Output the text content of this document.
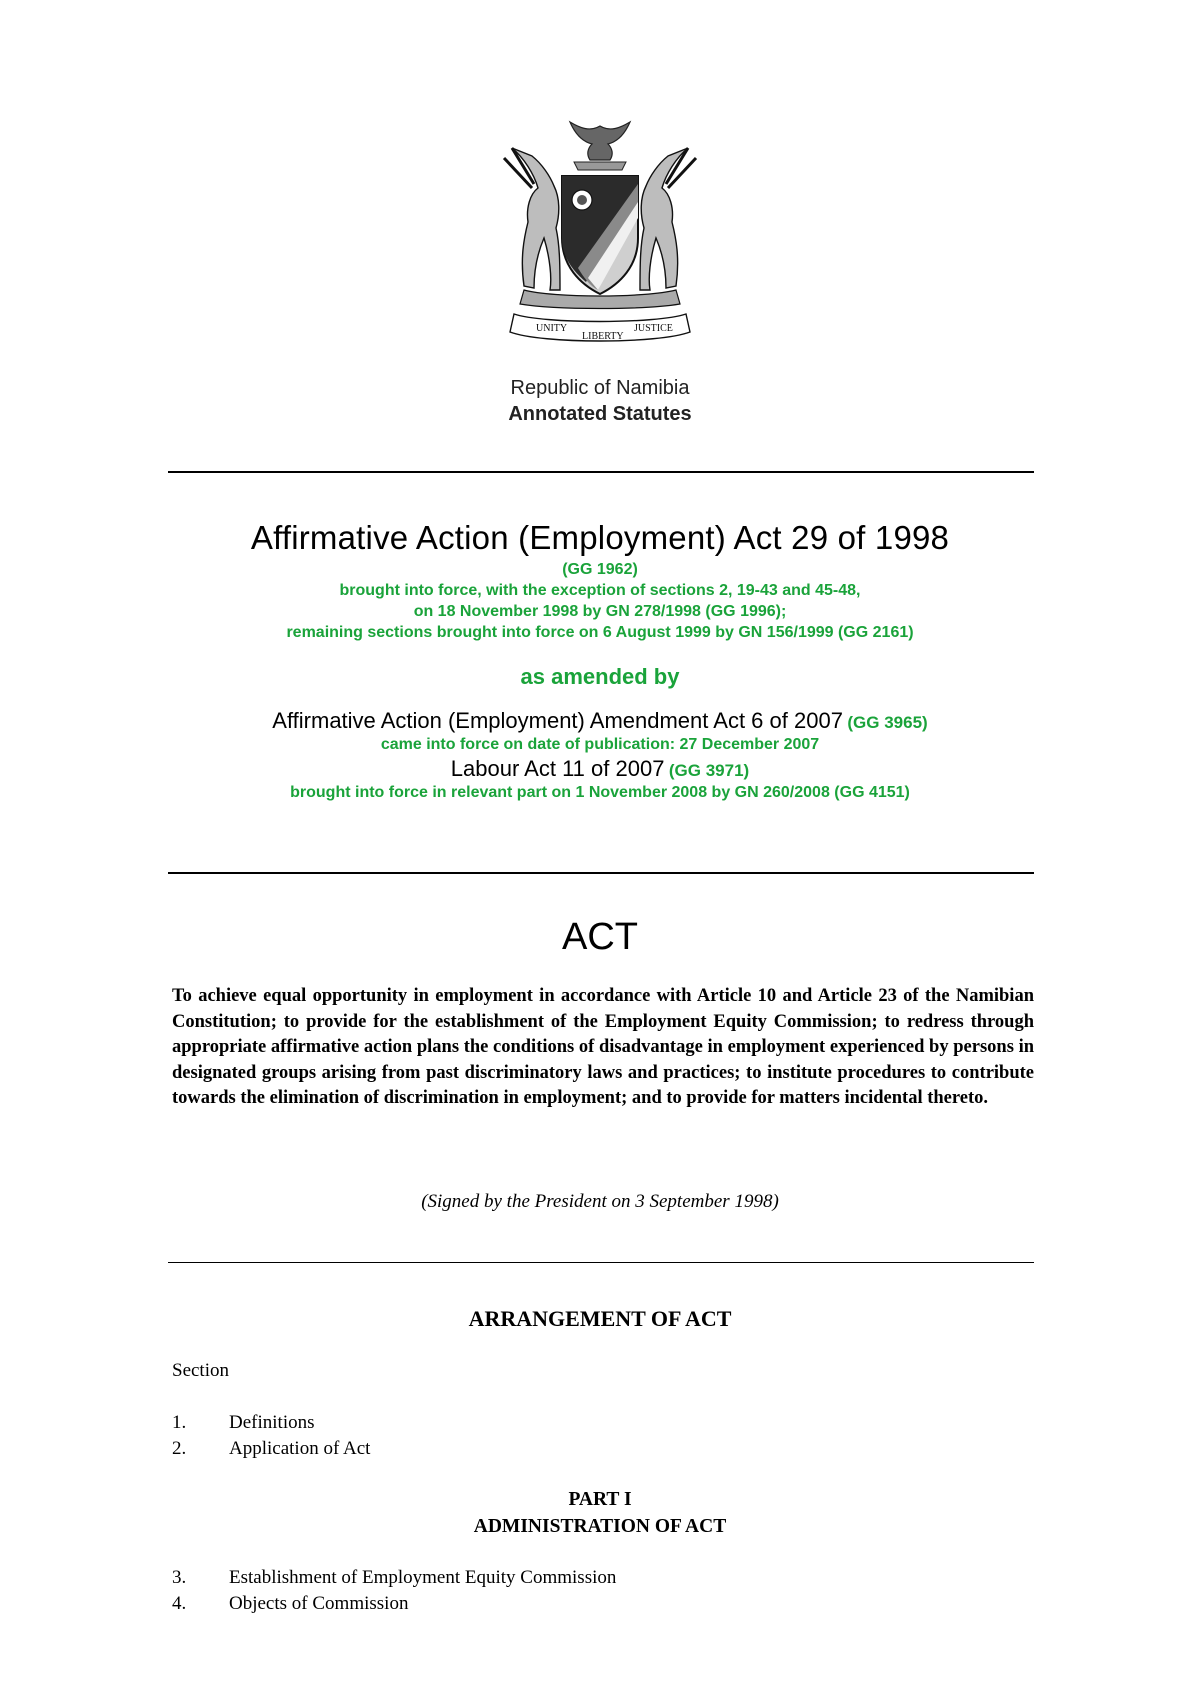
UNITY
LIBERTY
JUSTICE
Republic of Namibia
Annotated Statutes
Affirmative Action (Employment) Act 29 of 1998
(GG 1962)
brought into force, with the exception of sections 2, 19-43 and 45-48,
on 18 November 1998 by GN 278/1998 (GG 1996);
remaining sections brought into force on 6 August 1999 by GN 156/1999 (GG 2161)
as amended by
Affirmative Action (Employment) Amendment Act 6 of 2007 (GG 3965)
came into force on date of publication: 27 December 2007
Labour Act 11 of 2007 (GG 3971)
brought into force in relevant part on 1 November 2008 by GN 260/2008 (GG 4151)
ACT
To achieve equal opportunity in employment in accordance with Article 10 and Article 23 of the Namibian Constitution; to provide for the establishment of the Employment Equity Commission; to redress through appropriate affirmative action plans the conditions of disadvantage in employment experienced by persons in designated groups arising from past discriminatory laws and practices; to institute procedures to contribute towards the elimination of discrimination in employment; and to provide for matters incidental thereto.
(Signed by the President on 3 September 1998)
ARRANGEMENT OF ACT
Section
1.	Definitions
2.	Application of Act
PART I
ADMINISTRATION OF ACT
3.	Establishment of Employment Equity Commission
4.	Objects of Commission
